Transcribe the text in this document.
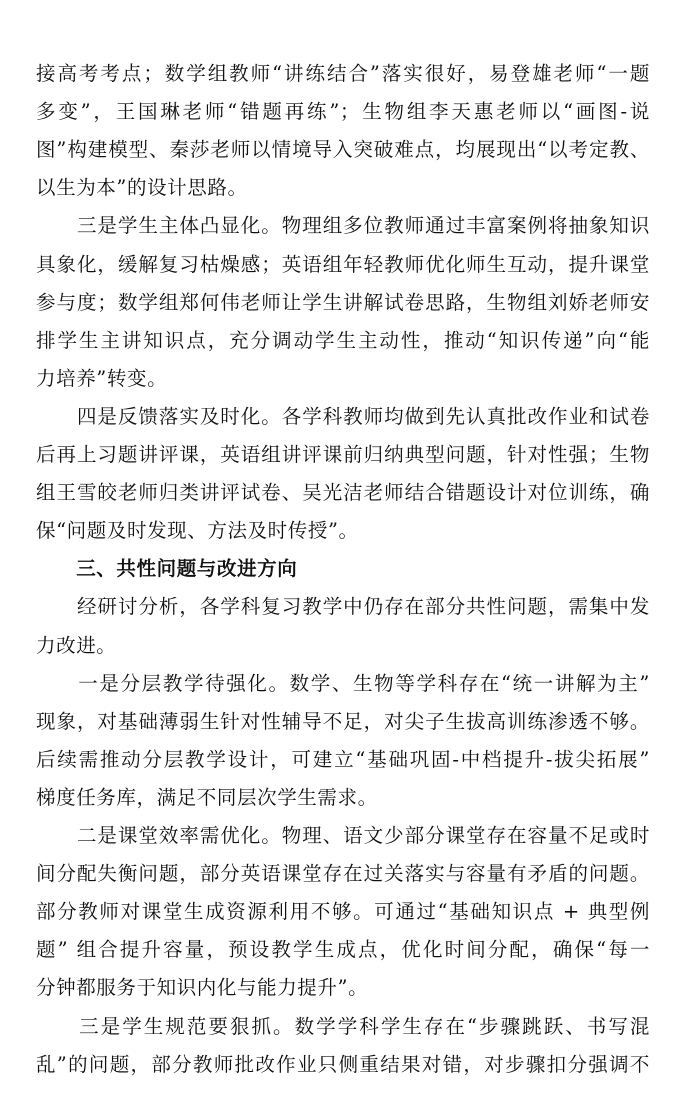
接高考考点；数学组教师“讲练结合”落实很好，易登雄老师“一题
多变”，王国琳老师“错题再练”；生物组李天惠老师以“画图-说
图”构建模型、秦莎老师以情境导入突破难点，均展现出“以考定教、
以生为本”的设计思路。
　　三是学生主体凸显化。物理组多位教师通过丰富案例将抽象知识
具象化，缓解复习枯燥感；英语组年轻教师优化师生互动，提升课堂
参与度；数学组郑何伟老师让学生讲解试卷思路，生物组刘娇老师安
排学生主讲知识点，充分调动学生主动性，推动“知识传递”向“能
力培养”转变。
　　四是反馈落实及时化。各学科教师均做到先认真批改作业和试卷
后再上习题讲评课，英语组讲评课前归纳典型问题，针对性强；生物
组王雪皎老师归类讲评试卷、吴光洁老师结合错题设计对位训练，确
保“问题及时发现、方法及时传授”。
　　三、共性问题与改进方向
　　经研讨分析，各学科复习教学中仍存在部分共性问题，需集中发
力改进。
　　一是分层教学待强化。数学、生物等学科存在“统一讲解为主”
现象，对基础薄弱生针对性辅导不足，对尖子生拔高训练渗透不够。
后续需推动分层教学设计，可建立“基础巩固-中档提升-拔尖拓展”
梯度任务库，满足不同层次学生需求。
　　二是课堂效率需优化。物理、语文少部分课堂存在容量不足或时
间分配失衡问题，部分英语课堂存在过关落实与容量有矛盾的问题。
部分教师对课堂生成资源利用不够。可通过“基础知识点 + 典型例
题” 组合提升容量，预设教学生成点，优化时间分配，确保“每一
分钟都服务于知识内化与能力提升”。
　　三是学生规范要狠抓。数学学科学生存在“步骤跳跃、书写混
乱”的问题，部分教师批改作业只侧重结果对错，对步骤扣分强调不
